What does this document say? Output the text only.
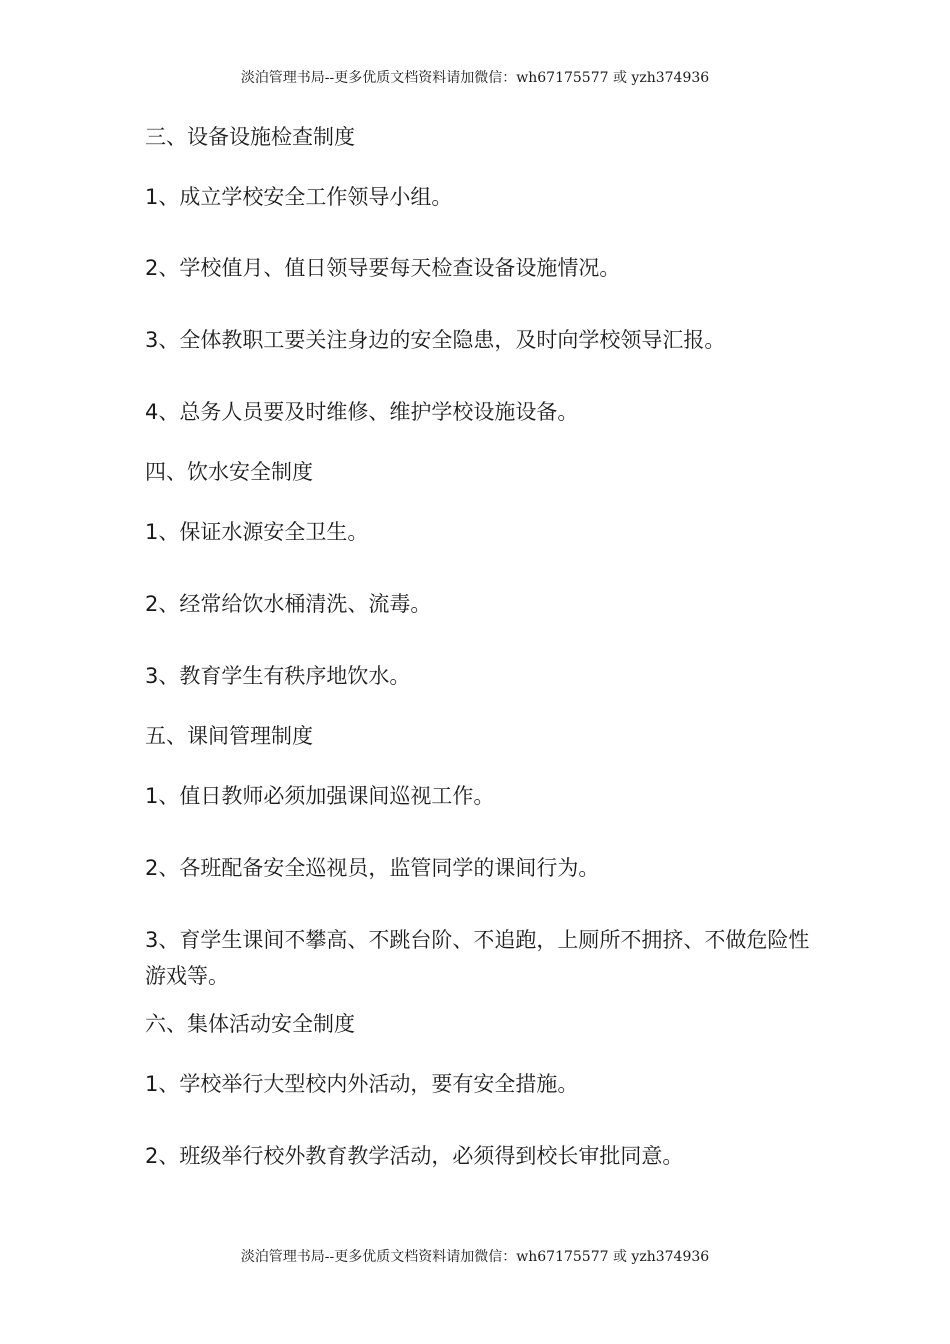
淡泊管理书局--更多优质文档资料请加微信：wh67175577 或 yzh374936
三、设备设施检查制度
1、成立学校安全工作领导小组。
2、学校值月、值日领导要每天检查设备设施情况。
3、全体教职工要关注身边的安全隐患，及时向学校领导汇报。
4、总务人员要及时维修、维护学校设施设备。
四、饮水安全制度
1、保证水源安全卫生。
2、经常给饮水桶清洗、流毒。
3、教育学生有秩序地饮水。
五、课间管理制度
1、值日教师必须加强课间巡视工作。
2、各班配备安全巡视员，监管同学的课间行为。
3、育学生课间不攀高、不跳台阶、不追跑，上厕所不拥挤、不做危险性游戏等。
六、集体活动安全制度
1、学校举行大型校内外活动，要有安全措施。
2、班级举行校外教育教学活动，必须得到校长审批同意。
淡泊管理书局--更多优质文档资料请加微信：wh67175577 或 yzh374936
